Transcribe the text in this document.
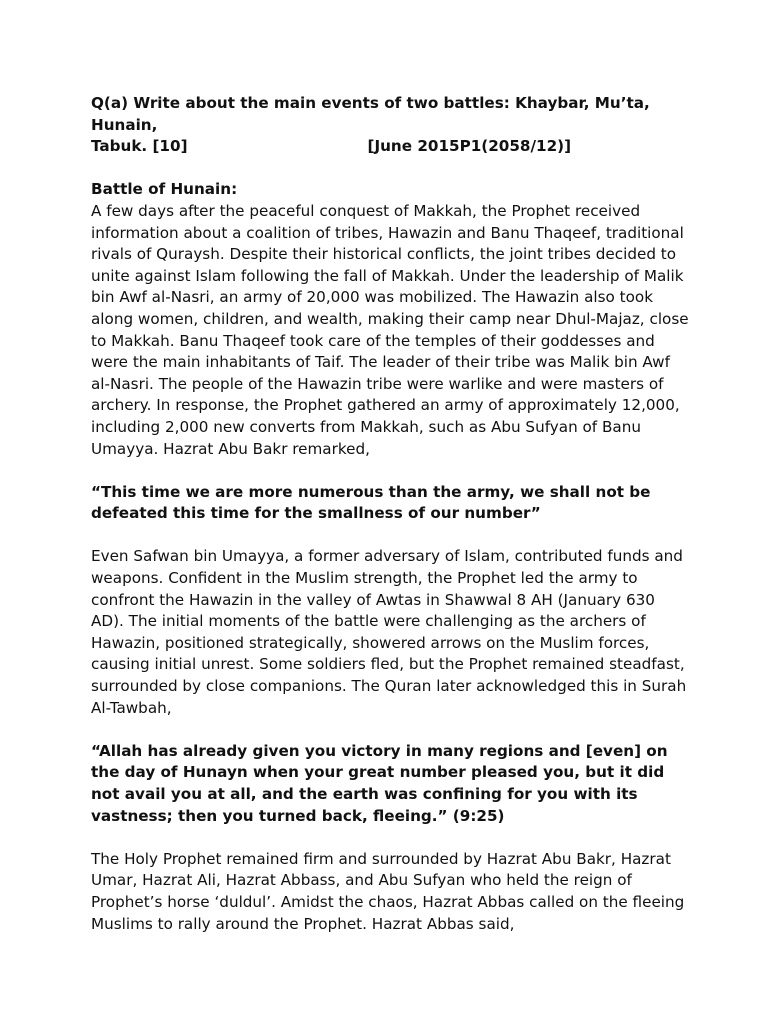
Q(a) Write about the main events of two battles: Khaybar, Mu’ta, Hunain,
Tabuk. [10]	[June 2015P1(2058/12)]

Battle of Hunain:

A few days after the peaceful conquest of Makkah, the Prophet received information about a coalition of tribes, Hawazin and Banu Thaqeef, traditional rivals of Quraysh. Despite their historical conflicts, the joint tribes decided to unite against Islam following the fall of Makkah. Under the leadership of Malik bin Awf al-Nasri, an army of 20,000 was mobilized. The Hawazin also took along women, children, and wealth, making their camp near Dhul-Majaz, close to Makkah. Banu Thaqeef took care of the temples of their goddesses and were the main inhabitants of Taif. The leader of their tribe was Malik bin Awf al-Nasri. The people of the Hawazin tribe were warlike and were masters of archery. In response, the Prophet gathered an army of approximately 12,000, including 2,000 new converts from Makkah, such as Abu Sufyan of Banu Umayya. Hazrat Abu Bakr remarked,

“This time we are more numerous than the army, we shall not be defeated this time for the smallness of our number”

Even Safwan bin Umayya, a former adversary of Islam, contributed funds and weapons. Confident in the Muslim strength, the Prophet led the army to confront the Hawazin in the valley of Awtas in Shawwal 8 AH (January 630 AD). The initial moments of the battle were challenging as the archers of Hawazin, positioned strategically, showered arrows on the Muslim forces, causing initial unrest. Some soldiers fled, but the Prophet remained steadfast, surrounded by close companions. The Quran later acknowledged this in Surah Al-Tawbah,

“Allah has already given you victory in many regions and [even] on the day of Hunayn when your great number pleased you, but it did not avail you at all, and the earth was confining for you with its vastness; then you turned back, fleeing.” (9:25)

The Holy Prophet remained firm and surrounded by Hazrat Abu Bakr, Hazrat Umar, Hazrat Ali, Hazrat Abbass, and Abu Sufyan who held the reign of Prophet’s horse ‘duldul’. Amidst the chaos, Hazrat Abbas called on the fleeing Muslims to rally around the Prophet. Hazrat Abbas said,
